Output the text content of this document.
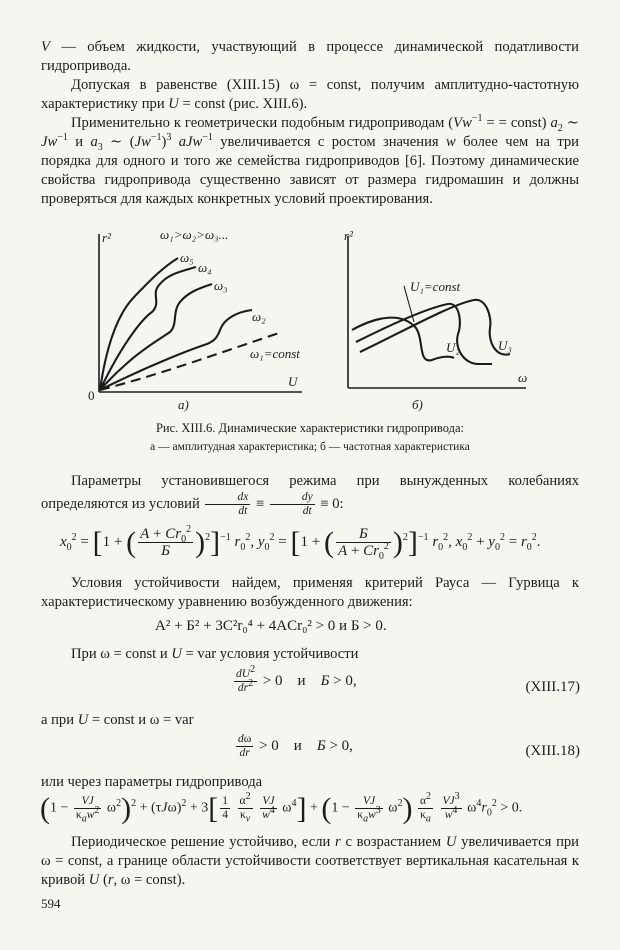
V — объем жидкости, участвующий в процессе динамической податливости гидропривода.

Допуская в равенстве (XIII.15) ω = const, получим амплитудно-частотную характеристику при U = const (рис. XIII.6).

Применительно к геометрически подобным гидроприводам ($Vw^{-1}$ = = const) $a_2$ ∼ $Jw^{-1}$ и $a_3$ ∼ $(Jw^{-1})^3$ aJw$^{-1}$ увеличивается с ростом значения w более чем на три порядка для одного и того же семейства гидроприводов [6]. Поэтому динамические свойства гидропривода существенно зависят от размера гидромашин и должны проверяться для каждых конкретных условий проектирования.

r²
U
0
а)
ω₁>ω₂>ω₃...
ω₅
ω₄
ω₃
ω₂
ω₁=const
r²
ω
б)
U₁=const
U₂	U₃
Рис. XIII.6. Динамические характеристики гидропривода:
а — амплитудная характеристика; б — частотная характеристика

Параметры установившегося режима при вынужденных колебаниях определяются из условий $\frac{dx}{dt} \equiv \frac{dy}{dt} \equiv 0$:

$x_0^2 = [1$ + ( $\frac{A + Cr_0^2}{Б} )^2]^{-1}$ $r_0^2$, $y_0^2 = [1$ + ( $\frac{Б}{A + Cr_0^2} )^2]^{-1}$ $r_0^2$, $x_0^2 + y_0^2 = r_0^2$.

Условия устойчивости найдем, применяя критерий Рауса — Гурвица к характеристическому уравнению возбужденного движения:

A² + Б² + 3C²r₀⁴ + 4ACr₀² > 0 и Б > 0.

При ω = const и U = var условия устойчивости

$\frac{dU^2}{dr^2} > 0$    и    Б > 0,	(XIII.17)

а при U = const и ω = var

$\frac{d\omega}{dr} > 0$    и    Б > 0,	(XIII.18)

или через параметры гидропривода

$(1 - \frac{VJ}{\kappa_aw^2} \omega^2)^2 + (\tau J\omega)^2 + 3[ \frac{1}{4}$
$\frac{\alpha^2}{\kappa_v}$
$\frac{VJ}{w^4} \omega^4] + (1 - \frac{VJ}{\kappa_aw^3} \omega^2) \frac{\alpha^2}{\kappa_a}$
$\frac{VJ^3}{w^4} \omega^4r_0^2 > 0$.

Периодическое решение устойчиво, если r с возрастанием U увеличивается при ω = const, а границе области устойчивости соответствует вертикальная касательная к кривой U (r, ω = const).

594
